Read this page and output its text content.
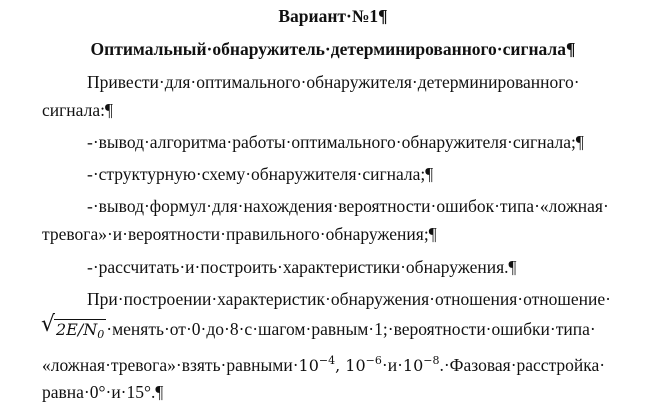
Вариант·№1¶
Оптимальный·обнаружитель·детерминированного·сигнала¶
Привести·для·оптимального·обнаружителя·детерминированного·
сигнала:¶
-·вывод·алгоритма·работы·оптимального·обнаружителя·сигнала;¶
-·структурную·схему·обнаружителя·сигнала;¶
-·вывод·формул·для·нахождения·вероятности·ошибок·типа·«ложная·
тревога»·и·вероятности·правильного·обнаружения;¶
-·рассчитать·и·построить·характеристики·обнаружения.¶
При·построении·характеристик·обнаружения·отношения·отношение·
√ $2E/N_0$ ·менять·от·0·до·8·с·шагом·равным·1;·вероятности·ошибки·типа·
«$ложная\cdot тревога»\cdot взять\cdot равными\cdot 10^{-4}$, $10^{-6}\cdot и\cdot 10^{-8}.\cdot Фазовая\cdot расстройка\cdot$
равна·0°·и·15°.¶
